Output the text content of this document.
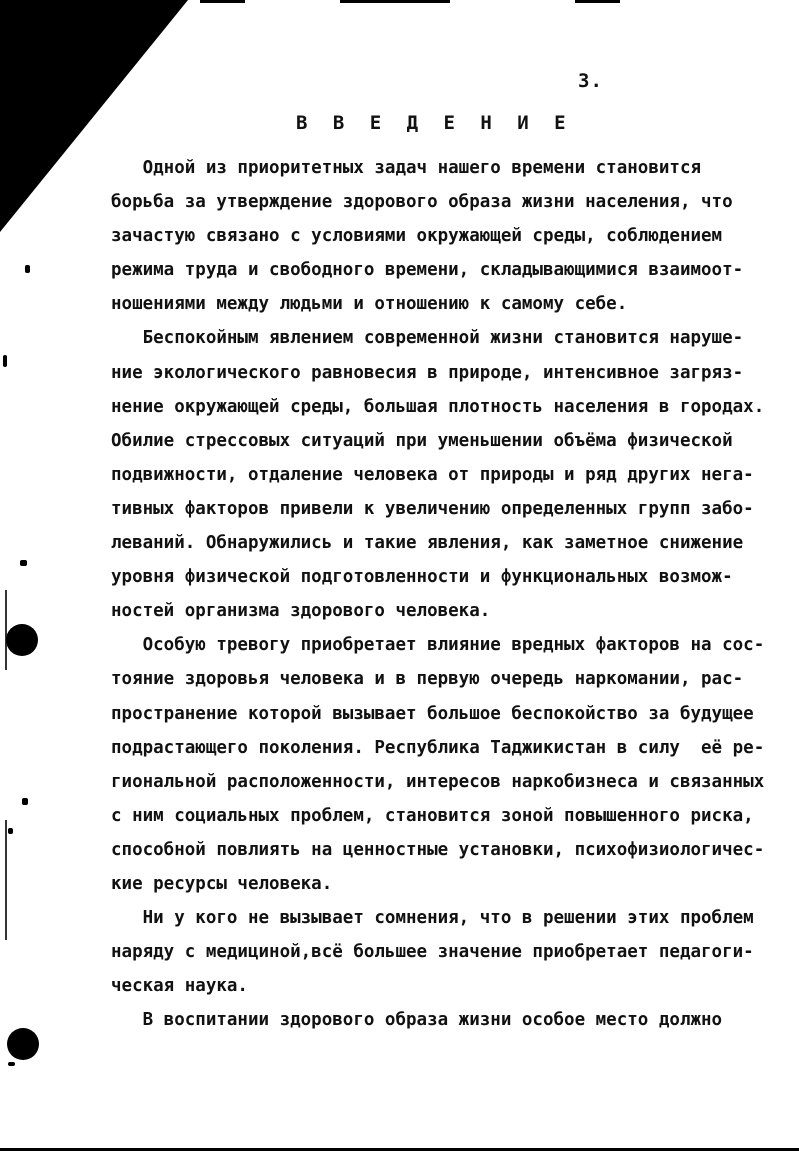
3.
В В Е Д Е Н И Е
Одной из приоритетных задач нашего времени становится
борьба за утверждение здорового образа жизни населения, что
зачастую связано с условиями окружающей среды, соблюдением
режима труда и свободного времени, складывающимися взаимоот-
ношениями между людьми и отношению к самому себе.
Беспокойным явлением современной жизни становится наруше-
ние экологического равновесия в природе, интенсивное загряз-
нение окружающей среды, большая плотность населения в городах.
Обилие стрессовых ситуаций при уменьшении объёма физической
подвижности, отдаление человека от природы и ряд других нега-
тивных факторов привели к увеличению определенных групп забо-
леваний. Обнаружились и такие явления, как заметное снижение
уровня физической подготовленности и функциональных возмож-
ностей организма здорового человека.
Особую тревогу приобретает влияние вредных факторов на сос-
тояние здоровья человека и в первую очередь наркомании, рас-
пространение которой вызывает большое беспокойство за будущее
подрастающего поколения. Республика Таджикистан в силу  её ре-
гиональной расположенности, интересов наркобизнеса и связанных
с ним социальных проблем, становится зоной повышенного риска,
способной повлиять на ценностные установки, психофизиологичес-
кие ресурсы человека.
Ни у кого не вызывает сомнения, что в решении этих проблем
наряду с медициной,всё большее значение приобретает педагоги-
ческая наука.
В воспитании здорового образа жизни особое место должно
